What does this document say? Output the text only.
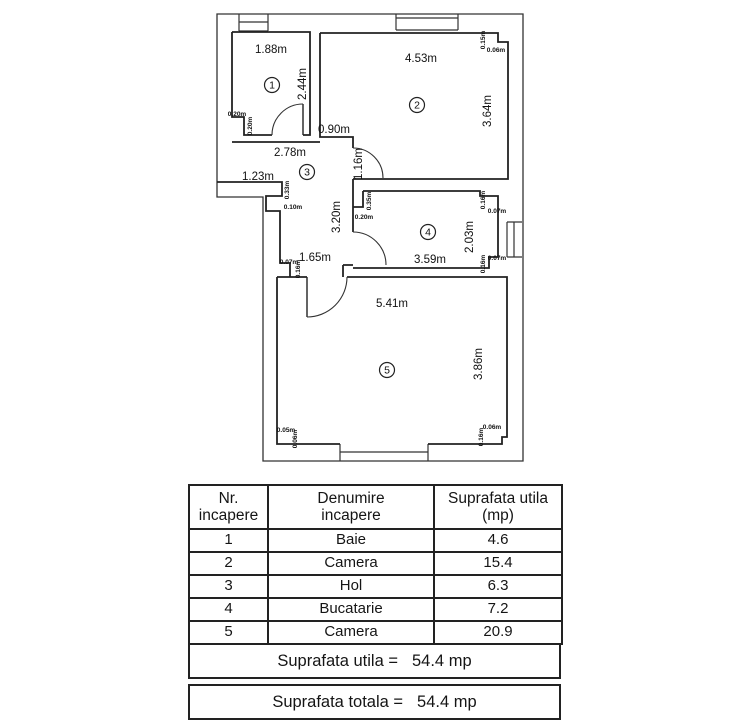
1
2
3
4
5
1.88m
2.44m
4.53m
3.64m
0.90m
2.78m
1.23m	1.16m
3.20m
3.59m
2.03m
1.65m
5.41m
3.86m
0.20m
0.20m
0.15m
0.06m
0.33m
0.10m	0.35m
0.20m
0.16m
0.07m
0.07m
0.16m
0.07m
0.16m
0.05m
0.06m
0.06m
0.16m
Nr.
incapere

Denumire
incapere

Suprafata utila
(mp)

1	Baie	4.6
2	Camera	15.4
3	Hol	6.3
4	Bucatarie	7.2
5	Camera	20.9
Suprafata utila = 54.4 mp
Suprafata totala = 54.4 mp
